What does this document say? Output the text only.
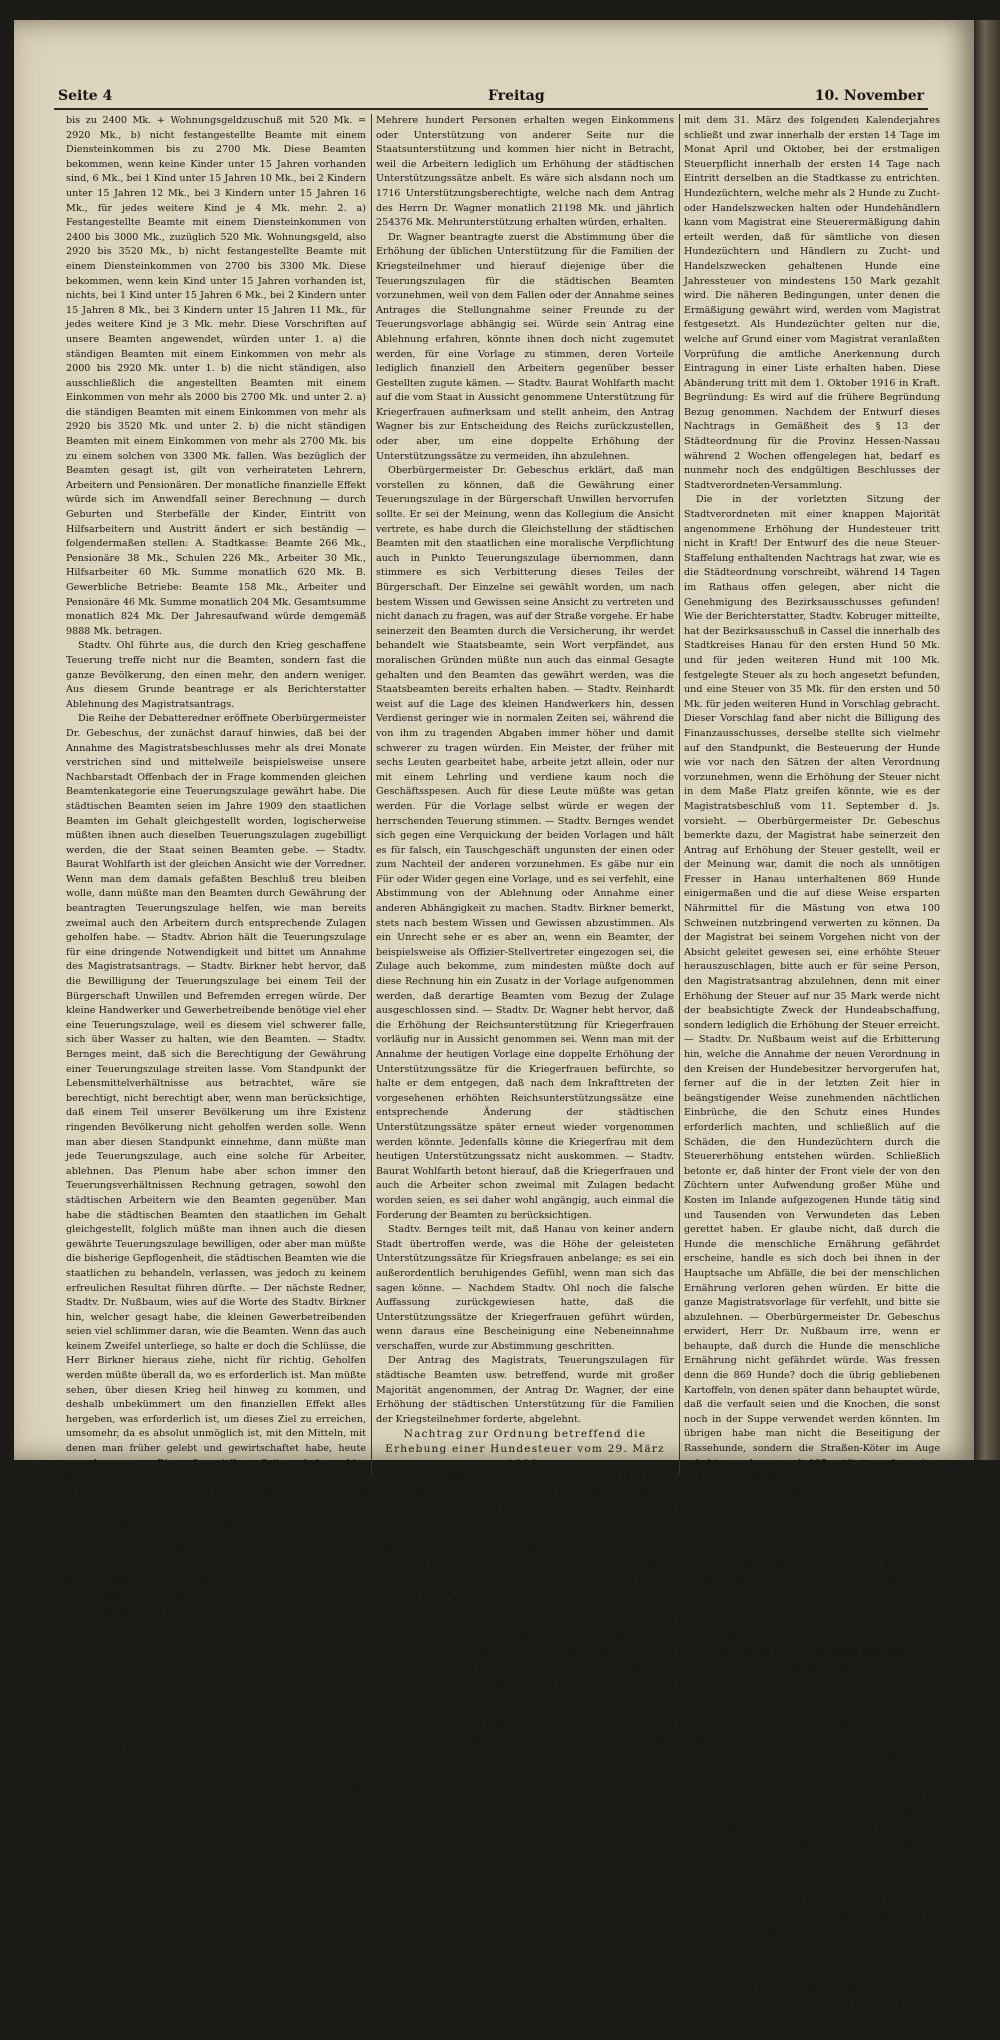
Seite 4	Freitag	10. November

bis zu 2400 Mk. + Wohnungsgeldzuschuß mit 520 Mk. = 2920 Mk., b) nicht festangestellte Beamte mit einem Diensteinkommen bis zu 2700 Mk. Diese Beamten bekommen, wenn keine Kinder unter 15 Jahren vorhanden sind, 6 Mk., bei 1 Kind unter 15 Jahren 10 Mk., bei 2 Kindern unter 15 Jahren 12 Mk., bei 3 Kindern unter 15 Jahren 16 Mk., für jedes weitere Kind je 4 Mk. mehr. 2. a) Festangestellte Beamte mit einem Diensteinkommen von 2400 bis 3000 Mk., zuzüglich 520 Mk. Wohnungsgeld, also 2920 bis 3520 Mk., b) nicht festangestellte Beamte mit einem Diensteinkommen von 2700 bis 3300 Mk. Diese bekommen, wenn kein Kind unter 15 Jahren vorhanden ist, nichts, bei 1 Kind unter 15 Jahren 6 Mk., bei 2 Kindern unter 15 Jahren 8 Mk., bei 3 Kindern unter 15 Jahren 11 Mk., für jedes weitere Kind je 3 Mk. mehr. Diese Vorschriften auf unsere Beamten angewendet, würden unter 1. a) die ständigen Beamten mit einem Einkommen von mehr als 2000 bis 2920 Mk. unter 1. b) die nicht ständigen, also ausschließlich die angestellten Beamten mit einem Einkommen von mehr als 2000 bis 2700 Mk. und unter 2. a) die ständigen Beamten mit einem Einkommen von mehr als 2920 bis 3520 Mk. und unter 2. b) die nicht ständigen Beamten mit einem Einkommen von mehr als 2700 Mk. bis zu einem solchen von 3300 Mk. fallen. Was bezüglich der Beamten gesagt ist, gilt von verheirateten Lehrern, Arbeitern und Pensionären. Der monatliche finanzielle Effekt würde sich im Anwendfall seiner Berechnung — durch Geburten und Sterbefälle der Kinder, Eintritt von Hilfsarbeitern und Austritt ändert er sich beständig — folgendermaßen stellen: A. Stadtkasse: Beamte 266 Mk., Pensionäre 38 Mk., Schulen 226 Mk., Arbeiter 30 Mk., Hilfsarbeiter 60 Mk. Summe monatlich 620 Mk. B. Gewerbliche Betriebe: Beamte 158 Mk., Arbeiter und Pensionäre 46 Mk. Summe monatlich 204 Mk. Gesamtsumme monatlich 824 Mk. Der Jahresaufwand würde demgemäß 9888 Mk. betragen.

Stadtv. Ohl führte aus, die durch den Krieg geschaffene Teuerung treffe nicht nur die Beamten, sondern fast die ganze Bevölkerung, den einen mehr, den andern weniger. Aus diesem Grunde beantrage er als Berichterstatter Ablehnung des Magistratsantrags.

Die Reihe der Debatteredner eröffnete Oberbürgermeister Dr. Gebeschus, der zunächst darauf hinwies, daß bei der Annahme des Magistratsbeschlusses mehr als drei Monate verstrichen sind und mittelweile beispielsweise unsere Nachbarstadt Offenbach der in Frage kommenden gleichen Beamtenkategorie eine Teuerungszulage gewährt habe. Die städtischen Beamten seien im Jahre 1909 den staatlichen Beamten im Gehalt gleichgestellt worden, logischerweise müßten ihnen auch dieselben Teuerungszulagen zugebilligt werden, die der Staat seinen Beamten gebe. — Stadtv. Baurat Wohlfarth ist der gleichen Ansicht wie der Vorredner. Wenn man dem damals gefaßten Beschluß treu bleiben wolle, dann müßte man den Beamten durch Gewährung der beantragten Teuerungszulage helfen, wie man bereits zweimal auch den Arbeitern durch entsprechende Zulagen geholfen habe. — Stadtv. Abrion hält die Teuerungszulage für eine dringende Notwendigkeit und bittet um Annahme des Magistratsantrags. — Stadtv. Birkner hebt hervor, daß die Bewilligung der Teuerungszulage bei einem Teil der Bürgerschaft Unwillen und Befremden erregen würde. Der kleine Handwerker und Gewerbetreibende benötige viel eher eine Teuerungszulage, weil es diesem viel schwerer falle, sich über Wasser zu halten, wie den Beamten. — Stadtv. Bernges meint, daß sich die Berechtigung der Gewährung einer Teuerungszulage streiten lasse. Vom Standpunkt der Lebensmittelverhältnisse aus betrachtet, wäre sie berechtigt, nicht berechtigt aber, wenn man berücksichtige, daß einem Teil unserer Bevölkerung um ihre Existenz ringenden Bevölkerung nicht geholfen werden solle. Wenn man aber diesen Standpunkt einnehme, dann müßte man jede Teuerungszulage, auch eine solche für Arbeiter, ablehnen. Das Plenum habe aber schon immer den Teuerungsverhältnissen Rechnung getragen, sowohl den städtischen Arbeitern wie den Beamten gegenüber. Man habe die städtischen Beamten den staatlichen im Gehalt gleichgestellt, folglich müßte man ihnen auch die diesen gewährte Teuerungszulage bewilligen, oder aber man müßte die bisherige Gepflogenheit, die städtischen Beamten wie die staatlichen zu behandeln, verlassen, was jedoch zu keinem erfreulichen Resultat führen dürfte. — Der nächste Redner, Stadtv. Dr. Nußbaum, wies auf die Worte des Stadtv. Birkner hin, welcher gesagt habe, die kleinen Gewerbetreibenden seien viel schlimmer daran, wie die Beamten. Wenn das auch keinem Zweifel unterliege, so halte er doch die Schlüsse, die Herr Birkner hieraus ziehe, nicht für richtig. Geholfen werden müßte überall da, wo es erforderlich ist. Man müßte sehen, über diesen Krieg heil hinweg zu kommen, und deshalb unbekümmert um den finanziellen Effekt alles hergeben, was erforderlich ist, um dieses Ziel zu erreichen, umsomehr, da es absolut unmöglich ist, mit den Mitteln, mit denen man früher gelebt und gewirtschaftet habe, heute auszukommen. Die finanzielle Seite habe hier zurückzustehen.

Mit der Teuerungszulage für die städt. Beamten hatte Stadtv. Dr. Wagner in der Sitzung des Finanzausschusses vom 17. August 1916 den Antrag gestellt,

die Kriegsunterstützungssätze für Frauen und deren Kinder zu erhöhen

nach den Teuerungszulagen der Beamten (Vorlage des Magistrats vom 1. August 1916), also für monatliche

Frauen allein	Mk. 6.—	monatliche Zulage,
mit 1 Kind	„ 10.—	„
mit 2 Kindern	„ 12.—	„
mit 3	„ 16.—	„
mit 4	„ 20.—	„
mit 5	„ 24.—	„
mit 6	„ 28.—	„
mit 7	„ 32.—	„
mit 8	„ 36.—	„
usw.

Von rund 3400 Unterstützungsanträgen scheiden mehrere hundert Eingaben aus und nicht Bedürftige aus; ferner rund 120 uneheliche Kinder (unter Generalvormundschaft), für welche die üblichen monatlichen Pflegegeldsätze bezahlt werden.

Mehrere hundert Personen erhalten wegen Einkommens oder Unterstützung von anderer Seite nur die Staatsunterstützung und kommen hier nicht in Betracht, weil die Arbeitern lediglich um Erhöhung der städtischen Unterstützungssätze anbelt. Es wäre sich alsdann noch um 1716 Unterstützungsberechtigte, welche nach dem Antrag des Herrn Dr. Wagner monatlich 21198 Mk. und jährlich 254376 Mk. Mehrunterstützung erhalten würden, erhalten.

Dr. Wagner beantragte zuerst die Abstimmung über die Erhöhung der üblichen Unterstützung für die Familien der Kriegsteilnehmer und hierauf diejenige über die Teuerungszulagen für die städtischen Beamten vorzunehmen, weil von dem Fallen oder der Annahme seines Antrages die Stellungnahme seiner Freunde zu der Teuerungsvorlage abhängig sei. Würde sein Antrag eine Ablehnung erfahren, könnte ihnen doch nicht zugemutet werden, für eine Vorlage zu stimmen, deren Vorteile lediglich finanziell den Arbeitern gegenüber besser Gestellten zugute kämen. — Stadtv. Baurat Wohlfarth macht auf die vom Staat in Aussicht genommene Unterstützung für Kriegerfrauen aufmerksam und stellt anheim, den Antrag Wagner bis zur Entscheidung des Reichs zurückzustellen, oder aber, um eine doppelte Erhöhung der Unterstützungssätze zu vermeiden, ihn abzulehnen.

Oberbürgermeister Dr. Gebeschus erklärt, daß man vorstellen zu können, daß die Gewährung einer Teuerungszulage in der Bürgerschaft Unwillen hervorrufen sollte. Er sei der Meinung, wenn das Kollegium die Ansicht vertrete, es habe durch die Gleichstellung der städtischen Beamten mit den staatlichen eine moralische Verpflichtung auch in Punkto Teuerungszulage übernommen, dann stimmere es sich Verbitterung dieses Teiles der Bürgerschaft. Der Einzelne sei gewählt worden, um nach bestem Wissen und Gewissen seine Ansicht zu vertreten und nicht danach zu fragen, was auf der Straße vorgehe. Er habe seinerzeit den Beamten durch die Versicherung, ihr werdet behandelt wie Staatsbeamte, sein Wort verpfändet, aus moralischen Gründen müßte nun auch das einmal Gesagte gehalten und den Beamten das gewährt werden, was die Staatsbeamten bereits erhalten haben. — Stadtv. Reinhardt weist auf die Lage des kleinen Handwerkers hin, dessen Verdienst geringer wie in normalen Zeiten sei, während die von ihm zu tragenden Abgaben immer höher und damit schwerer zu tragen würden. Ein Meister, der früher mit sechs Leuten gearbeitet habe, arbeite jetzt allein, oder nur mit einem Lehrling und verdiene kaum noch die Geschäftsspesen. Auch für diese Leute müßte was getan werden. Für die Vorlage selbst würde er wegen der herrschenden Teuerung stimmen. — Stadtv. Bernges wendet sich gegen eine Verquickung der beiden Vorlagen und hält es für falsch, ein Tauschgeschäft ungunsten der einen oder zum Nachteil der anderen vorzunehmen. Es gäbe nur ein Für oder Wider gegen eine Vorlage, und es sei verfehlt, eine Abstimmung von der Ablehnung oder Annahme einer anderen Abhängigkeit zu machen. Stadtv. Birkner bemerkt, stets nach bestem Wissen und Gewissen abzustimmen. Als ein Unrecht sehe er es aber an, wenn ein Beamter, der beispielsweise als Offizier-Stellvertreter eingezogen sei, die Zulage auch bekomme, zum mindesten müßte doch auf diese Rechnung hin ein Zusatz in der Vorlage aufgenommen werden, daß derartige Beamten vom Bezug der Zulage ausgeschlossen sind. — Stadtv. Dr. Wagner hebt hervor, daß die Erhöhung der Reichsunterstützung für Kriegerfrauen vorläufig nur in Aussicht genommen sei. Wenn man mit der Annahme der heutigen Vorlage eine doppelte Erhöhung der Unterstützungssätze für die Kriegerfrauen befürchte, so halte er dem entgegen, daß nach dem Inkrafttreten der vorgesehenen erhöhten Reichsunterstützungssätze eine entsprechende Änderung der städtischen Unterstützungssätze später erneut wieder vorgenommen werden könnte. Jedenfalls könne die Kriegerfrau mit dem heutigen Unterstützungssatz nicht auskommen. — Stadtv. Baurat Wohlfarth betont hierauf, daß die Kriegerfrauen und auch die Arbeiter schon zweimal mit Zulagen bedacht worden seien, es sei daher wohl angängig, auch einmal die Forderung der Beamten zu berücksichtigen.

Stadtv. Bernges teilt mit, daß Hanau von keiner andern Stadt übertroffen werde, was die Höhe der geleisteten Unterstützungssätze für Kriegsfrauen anbelange; es sei ein außerordentlich beruhigendes Gefühl, wenn man sich das sagen könne. — Nachdem Stadtv. Ohl noch die falsche Auffassung zurückgewiesen hatte, daß die Unterstützungssätze der Kriegerfrauen geführt würden, wenn daraus eine Bescheinigung eine Nebeneinnahme verschaffen, wurde zur Abstimmung geschritten.

Der Antrag des Magistrats, Teuerungszulagen für städtische Beamten usw. betreffend, wurde mit großer Majorität angenommen, der Antrag Dr. Wagner, der eine Erhöhung der städtischen Unterstützung für die Familien der Kriegsteilnehmer forderte, abgelehnt.

Nachtrag zur Ordnung betreffend die Erhebung einer Hundesteuer vom 29. März 1899.

Beschluß des Magistrats vom 11. September 1916: 1. Die Hundesteuer soll vom 1. Oktober 1916 ab derart erhöht werden, daß für einen Hund 50 Mk. jährlich, für jeden weiteren Hund 100 Mk. jährlich und für sämtliche Hunde der Hundezüchter oder Hundehändler mindestens 150 Mk. jährlich erhoben werden. 2. Der Nachtrag zur Ordnung betreffend die Erhebung einer Hundesteuer vom 29. März 1899 wird in der vorliegenden Fassung genehmigt. § 1 der für den Bezirk der Stadt Hanau unterm 29. März 1899 erlassenen Ordnung über die Erhebung einer Hundesteuer erhält folgende Fassung: Wer einen über 3 Jahre alten Hund im Bezirk der Stadt Hanau hält, ohne Unterschied, ob er selbst oder einer der in seinem Haushalte lebenden Familienglieder ihn gehalten, oder ihn bei sich von einem Dritten in Verpflegung genommen hat, hat für denselben eine Steuer im Jahresbetrag von 50 Mk. und Falle er mehrere Hunde hält, für jeden weiteren Hund eine Steuer im Jahresbetrag von 100 Mk. zu zahlen. Die Steuer ist in halbjährlichen Raten eines jeden Rechnungsjahres, welches mit dem 1. April beginnt und

mit dem 31. März des folgenden Kalenderjahres schließt und zwar innerhalb der ersten 14 Tage im Monat April und Oktober, bei der erstmaligen Steuerpflicht innerhalb der ersten 14 Tage nach Eintritt derselben an die Stadtkasse zu entrichten. Hundezüchtern, welche mehr als 2 Hunde zu Zucht- oder Handelszwecken halten oder Hundehändlern kann vom Magistrat eine Steuerermäßigung dahin erteilt werden, daß für sämtliche von diesen Hundezüchtern und Händlern zu Zucht- und Handelszwecken gehaltenen Hunde eine Jahressteuer von mindestens 150 Mark gezahlt wird. Die näheren Bedingungen, unter denen die Ermäßigung gewährt wird, werden vom Magistrat festgesetzt. Als Hundezüchter gelten nur die, welche auf Grund einer vom Magistrat veranlaßten Vorprüfung die amtliche Anerkennung durch Eintragung in einer Liste erhalten haben. Diese Abänderung tritt mit dem 1. Oktober 1916 in Kraft. Begründung: Es wird auf die frühere Begründung Bezug genommen. Nachdem der Entwurf dieses Nachtrags in Gemäßheit des § 13 der Städteordnung für die Provinz Hessen-Nassau während 2 Wochen offengelegen hat, bedarf es nunmehr noch des endgültigen Beschlusses der Stadtverordneten-Versammlung.

Die in der vorletzten Sitzung der Stadtverordneten mit einer knappen Majorität angenommene Erhöhung der Hundesteuer tritt nicht in Kraft! Der Entwurf des die neue Steuer-Staffelung enthaltenden Nachtrags hat zwar, wie es die Städteordnung vorschreibt, während 14 Tagen im Rathaus offen gelegen, aber nicht die Genehmigung des Bezirksausschusses gefunden! Wie der Berichterstatter, Stadtv. Kobruger mitteilte, hat der Bezirksausschuß in Cassel die innerhalb des Stadtkreises Hanau für den ersten Hund 50 Mk. und für jeden weiteren Hund mit 100 Mk. festgelegte Steuer als zu hoch angesetzt befunden, und eine Steuer von 35 Mk. für den ersten und 50 Mk. für jeden weiteren Hund in Vorschlag gebracht. Dieser Vorschlag fand aber nicht die Billigung des Finanzausschusses, derselbe stellte sich vielmehr auf den Standpunkt, die Besteuerung der Hunde wie vor nach den Sätzen der alten Verordnung vorzunehmen, wenn die Erhöhung der Steuer nicht in dem Maße Platz greifen könnte, wie es der Magistratsbeschluß vom 11. September d. Js. vorsieht. — Oberbürgermeister Dr. Gebeschus bemerkte dazu, der Magistrat habe seinerzeit den Antrag auf Erhöhung der Steuer gestellt, weil er der Meinung war, damit die noch als unnötigen Fresser in Hanau unterhaltenen 869 Hunde einigermaßen und die auf diese Weise ersparten Nährmittel für die Mästung von etwa 100 Schweinen nutzbringend verwerten zu können. Da der Magistrat bei seinem Vorgehen nicht von der Absicht geleitet gewesen sei, eine erhöhte Steuer herauszuschlagen, bitte auch er für seine Person, den Magistratsantrag abzulehnen, denn mit einer Erhöhung der Steuer auf nur 35 Mark werde nicht der beabsichtigte Zweck der Hundeabschaffung, sondern lediglich die Erhöhung der Steuer erreicht. — Stadtv. Dr. Nußbaum weist auf die Erbitterung hin, welche die Annahme der neuen Verordnung in den Kreisen der Hundebesitzer hervorgerufen hat, ferner auf die in der letzten Zeit hier in beängstigender Weise zunehmenden nächtlichen Einbrüche, die den Schutz eines Hundes erforderlich machten, und schließlich auf die Schäden, die den Hundezüchtern durch die Steuererhöhung entstehen würden. Schließlich betonte er, daß hinter der Front viele der von den Züchtern unter Aufwendung großer Mühe und Kosten im Inlande aufgezogenen Hunde tätig sind und Tausenden von Verwundeten das Leben gerettet haben. Er glaube nicht, daß durch die Hunde die menschliche Ernährung gefährdet erscheine, handle es sich doch bei ihnen in der Hauptsache um Abfälle, die bei der menschlichen Ernährung verloren gehen würden. Er bitte die ganze Magistratsvorlage für verfehlt, und bitte sie abzulehnen. — Oberbürgermeister Dr. Gebeschus erwidert, Herr Dr. Nußbaum irre, wenn er behaupte, daß durch die Hunde die menschliche Ernährung nicht gefährdet würde. Was fressen denn die 869 Hunde? doch die übrig gebliebenen Kartoffeln, von denen später dann behauptet würde, daß die verfault seien und die Knochen, die sonst noch in der Suppe verwendet werden könnten. Im übrigen habe man nicht die Beseitigung der Rassehunde, sondern die Straßen-Köter im Auge gehabt, von denen auch 185 getötet worden seien. — Stadtv. Dr. Nußbaum macht darauf aufmerksam, daß die ganze Steuerordnung auch gegen das gesetzliche Vorschriften verstoße. — Stadtv. Reinhardt meint, wenn man mit den Brocken, die man jetzt den Hunden gebe, eine Schweinemästerei anfangen wollte, würde man sicher eine Täuschung erleben. Im übrigen hält auch er unter Hinweis auf die Einbrüche der letzten Zeit eine Abschaffung der Hunde für verfehlt.

Die nunmehr vorgenommene Abstimmung ergab die Ablehnung des Magistratsantrags, es bleibt also bei den alten Steuersätzen.

Hessische Kriegshilfskasse.

Der Beschluß des Magistrats vom 10. Oktober 1916 lautet: Wird beschlossen: 1. für die Rückzahlung und Verzinsung aller Darlehen, die auf Grund der seitens des Magistrats gestellten Anträge aus der hessischen Kriegshilfskasse an Angehörige des Stadtkreises Hanau gewährt werden, selbstschuldnerische Bürgschaft zu übernehmen, soweit nicht im Einzelfalle eine abweichende Erklärung abgegeben wird; 2. für die zu übernehmenden Bürgschaften einen Betrag bis zu 20000 Mk. zur Verfügung zu stellen; 3. eine gemischte Kommission, bestehend aus dem Beigeordneten, 2 Magistratsmitgliedern und 2 Stadtverordneten, einzusetzen, die über die eingehenden Darlehensanträge endgültig entscheidet. Seitens des Magistrats werden in diese Kommission entsandt: Beigeordneter Kaufer als Vorsitzender, Stadtrat Dr. Herrenfeld und Dr. Nennicke als Mitglieder. — Begründung: Der Staat hat Mittel zur Verfügung gestellt zur Errichtung von sogen. Kriegshilfskassen, die den Zweck verfolgen, Notstandsdarlehen an Kriegsteilnehmer aus dem selbständigen Mittelstand oder deren Angehörige zur Wiederherstellung oder Erhaltung ihrer geschäftlichen Lebensstellung zu gewähren. Der Minister knüpft an die Hergabe
